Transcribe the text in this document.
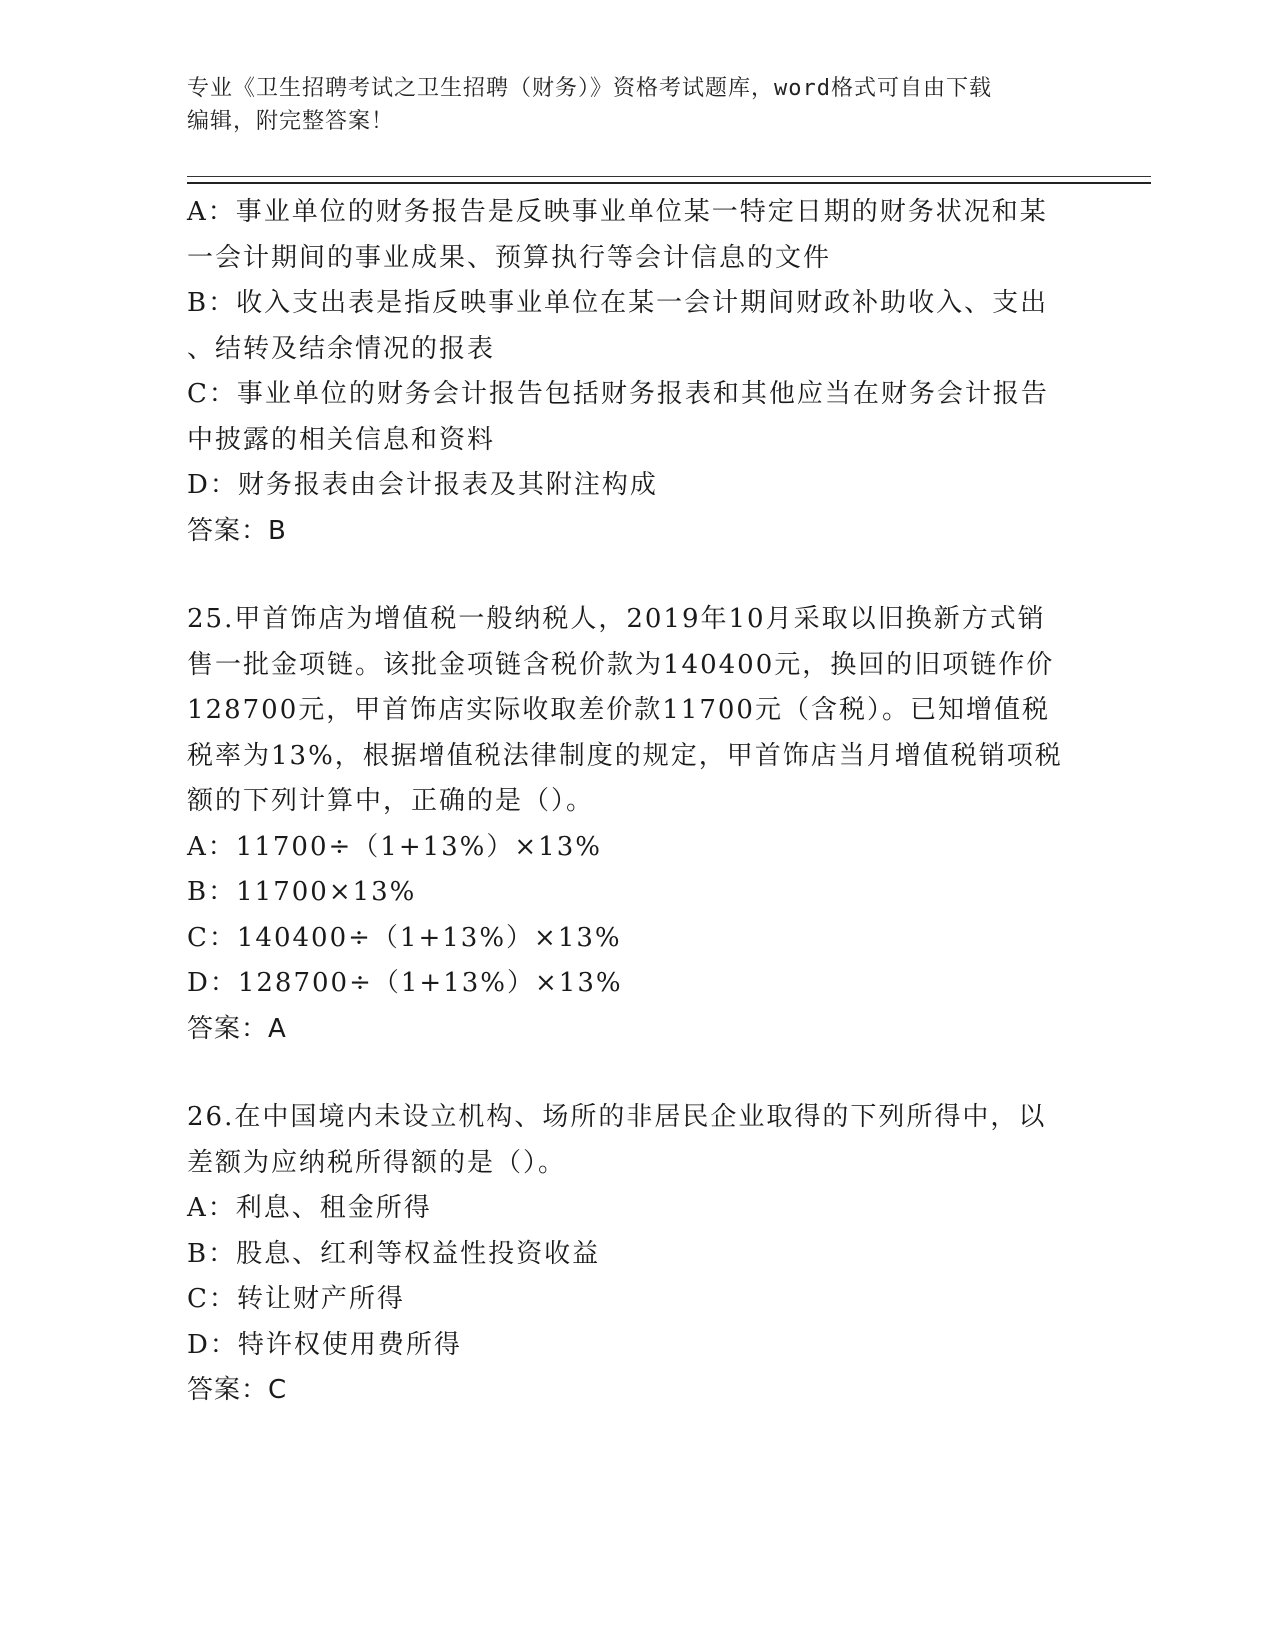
专业《卫生招聘考试之卫生招聘（财务）》资格考试题库，word格式可自由下载
编辑，附完整答案！
A：事业单位的财务报告是反映事业单位某一特定日期的财务状况和某
一会计期间的事业成果、预算执行等会计信息的文件
B：收入支出表是指反映事业单位在某一会计期间财政补助收入、支出
、结转及结余情况的报表
C：事业单位的财务会计报告包括财务报表和其他应当在财务会计报告
中披露的相关信息和资料
D：财务报表由会计报表及其附注构成
答案：B
25.甲首饰店为增值税一般纳税人，2019年10月采取以旧换新方式销
售一批金项链。该批金项链含税价款为140400元，换回的旧项链作价
128700元，甲首饰店实际收取差价款11700元（含税）。已知增值税
税率为13%，根据增值税法律制度的规定，甲首饰店当月增值税销项税
额的下列计算中，正确的是（）。
A：11700÷（1+13%）×13%
B：11700×13%
C：140400÷（1+13%）×13%
D：128700÷（1+13%）×13%
答案：A
26.在中国境内未设立机构、场所的非居民企业取得的下列所得中，以
差额为应纳税所得额的是（）。
A：利息、租金所得
B：股息、红利等权益性投资收益
C：转让财产所得
D：特许权使用费所得
答案：C
